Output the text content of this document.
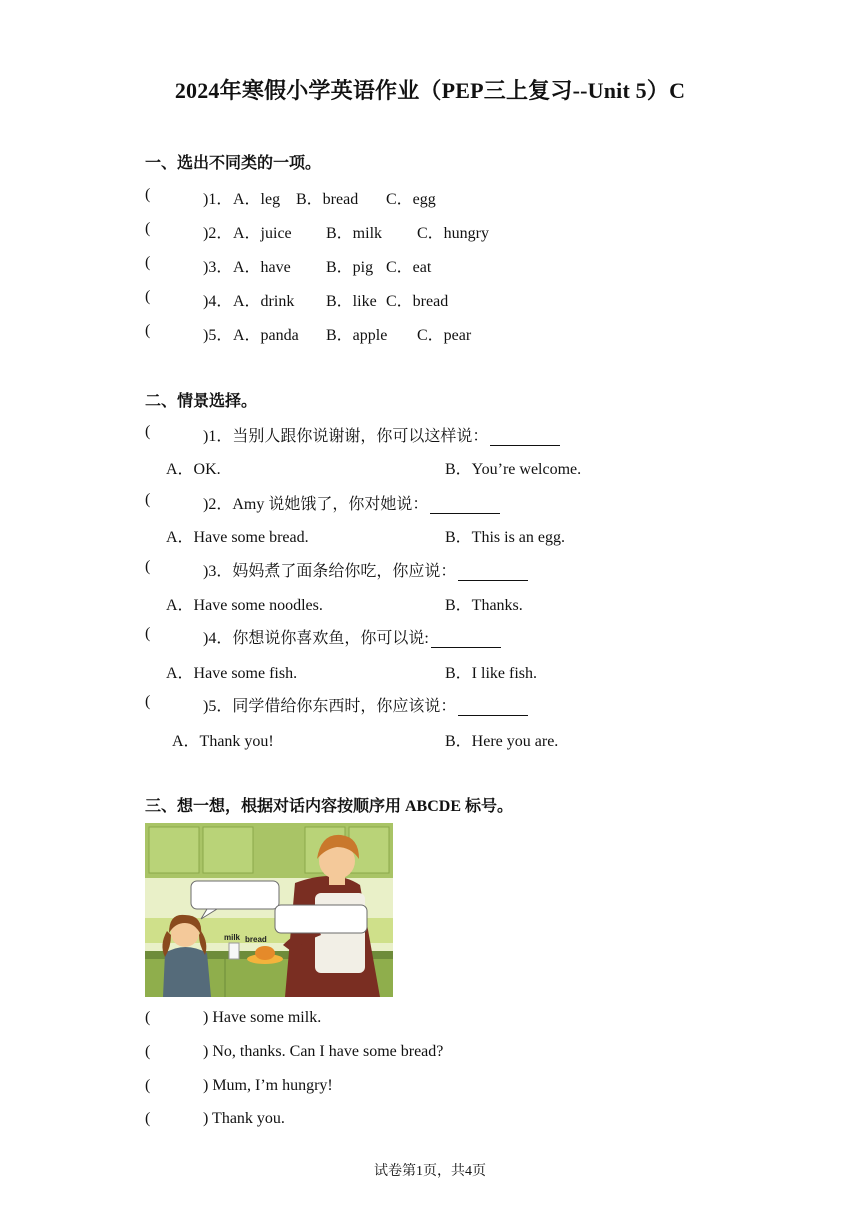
2024年寒假小学英语作业（PEP三上复习--Unit 5）C
一、选出不同类的一项。
(	)1． A．leg B．bread C．egg
(	)2． A．juice B．milk C．hungry
(	)3． A．have B．pig C．eat
(	)4． A．drink B．like C．bread
(	)5． A．panda B．apple C．pear
二、情景选择。
(	)1．当别人跟你说谢谢，你可以这样说：
A．OK.	B．You’re welcome.
(	)2．Amy 说她饿了，你对她说：
A．Have some bread.	B．This is an egg.
(	)3．妈妈煮了面条给你吃，你应说：
A．Have some noodles.	B．Thanks.
(	)4．你想说你喜欢鱼，你可以说:
A．Have some fish.	B．I like fish.
(	)5．同学借给你东西时，你应该说：
A．Thank you!	B．Here you are.
三、想一想，根据对话内容按顺序用 ABCDE 标号。
milk bread
(	) Have some milk.
(	) No, thanks. Can I have some bread?
(	) Mum, I’m hungry!
(	) Thank you.
试卷第1页，共4页
